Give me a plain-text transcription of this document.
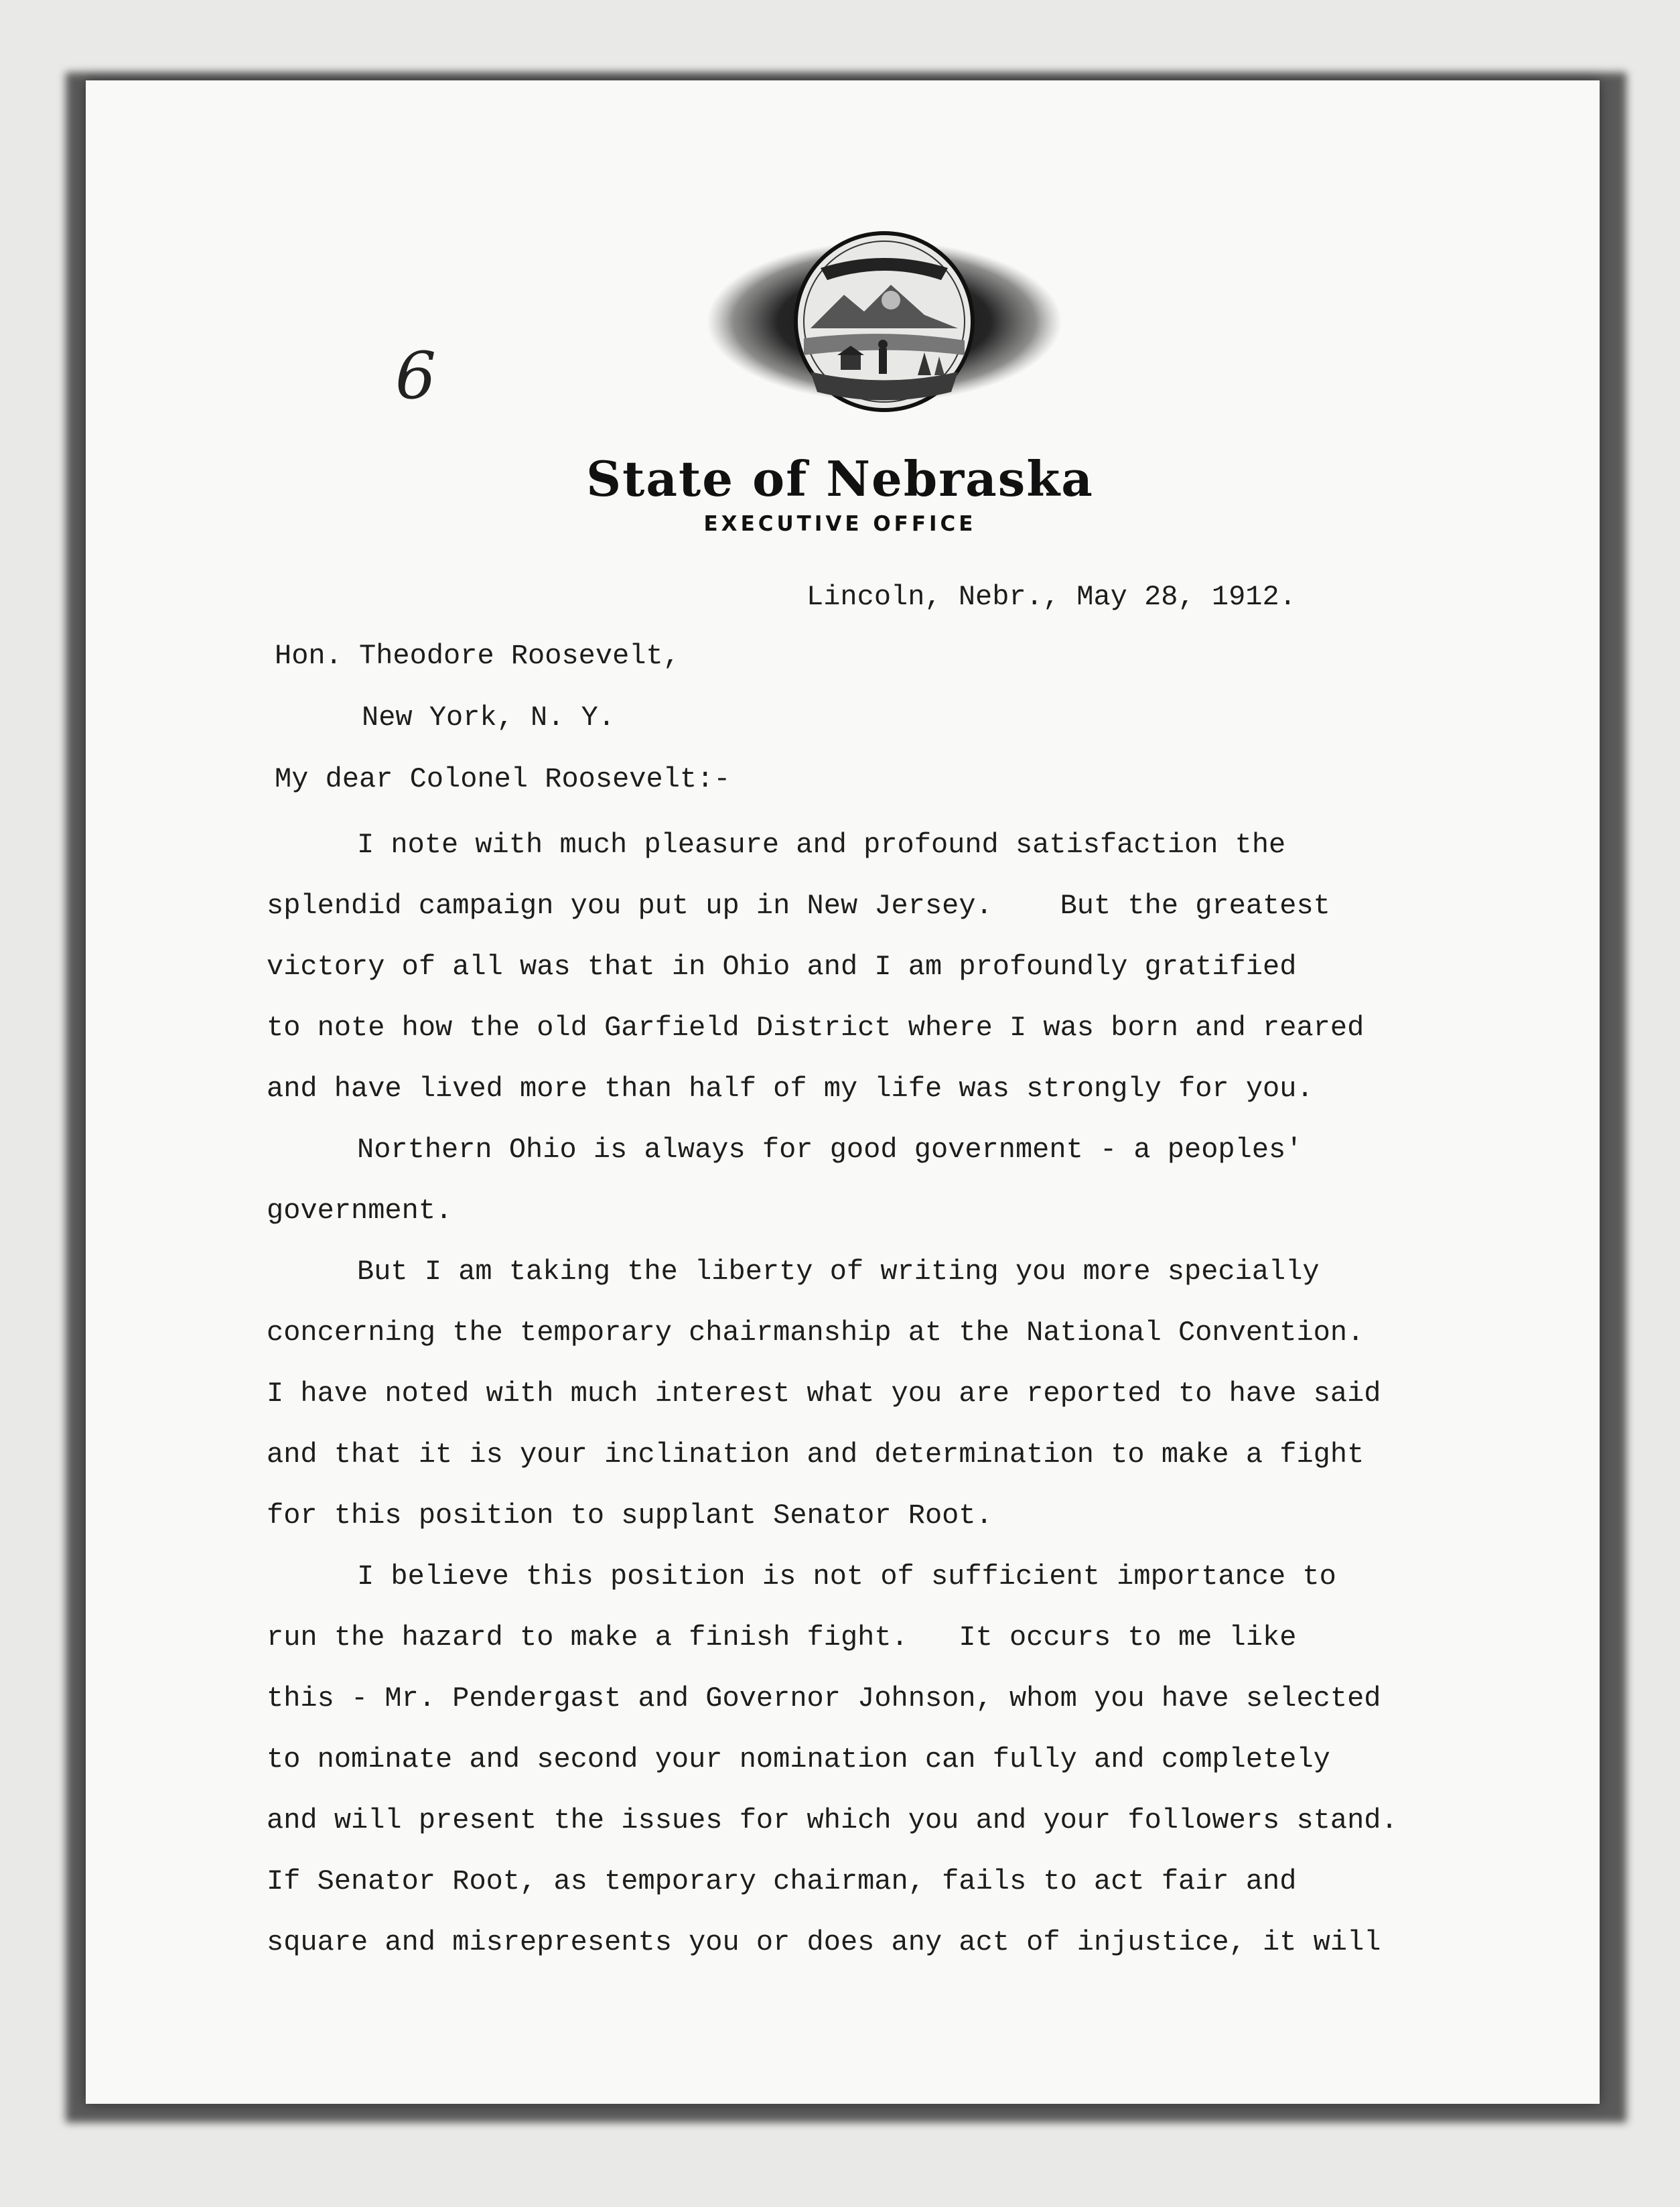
6
State of Nebraska
EXECUTIVE OFFICE
Lincoln, Nebr., May 28, 1912.
Hon. Theodore Roosevelt,
New York, N. Y.
My dear Colonel Roosevelt:-
I note with much pleasure and profound satisfaction the
splendid campaign you put up in New Jersey.    But the greatest
victory of all was that in Ohio and I am profoundly gratified
to note how the old Garfield District where I was born and reared
and have lived more than half of my life was strongly for you.
Northern Ohio is always for good government - a peoples'
government.
But I am taking the liberty of writing you more specially
concerning the temporary chairmanship at the National Convention.
I have noted with much interest what you are reported to have said
and that it is your inclination and determination to make a fight
for this position to supplant Senator Root.
I believe this position is not of sufficient importance to
run the hazard to make a finish fight.   It occurs to me like
this - Mr. Pendergast and Governor Johnson, whom you have selected
to nominate and second your nomination can fully and completely
and will present the issues for which you and your followers stand.
If Senator Root, as temporary chairman, fails to act fair and
square and misrepresents you or does any act of injustice, it will
